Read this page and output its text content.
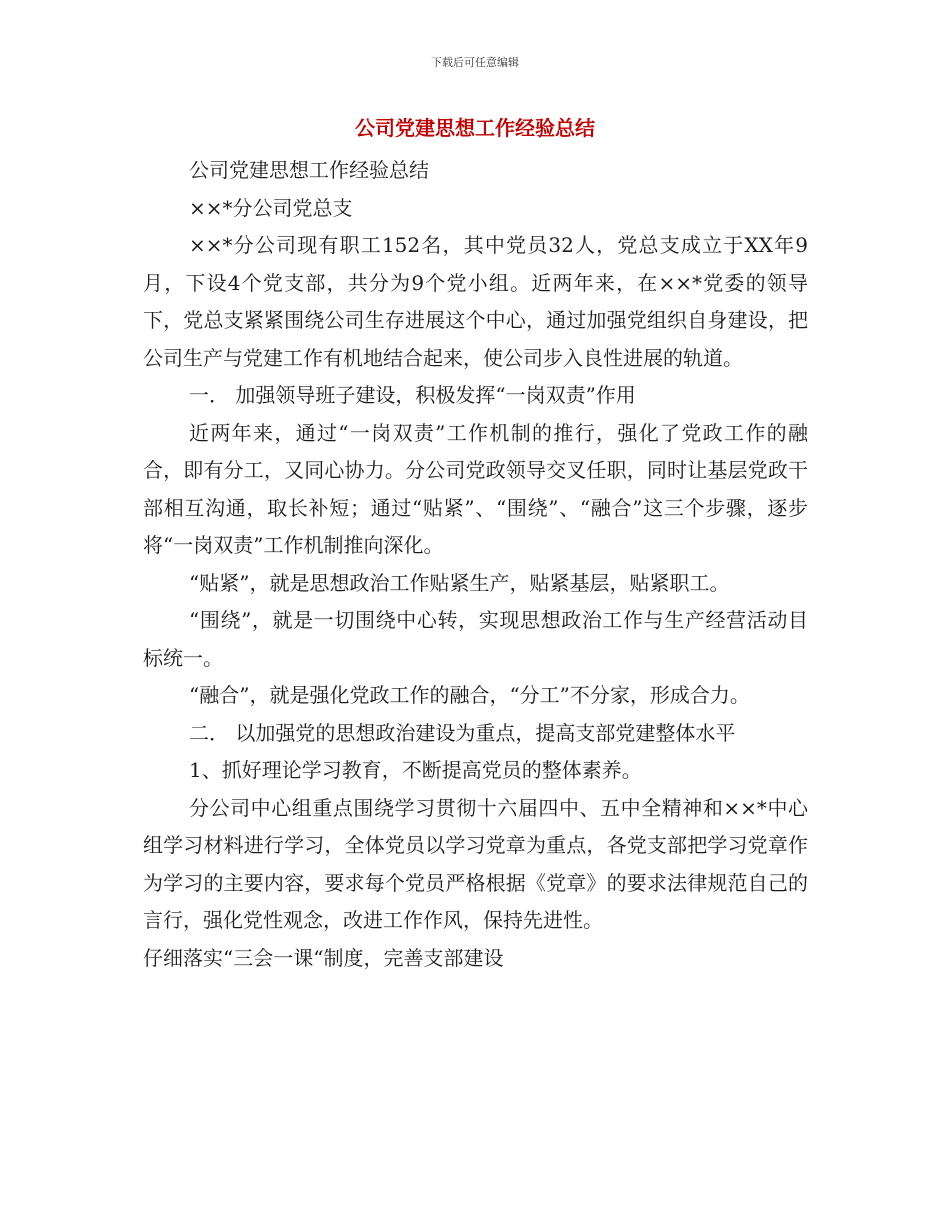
下载后可任意编辑
公司党建思想工作经验总结

公司党建思想工作经验总结

××*分公司党总支

××*分公司现有职工152名，其中党员32人，党总支成立于XX年9月，下设4个党支部，共分为9个党小组。近两年来，在××*党委的领导下，党总支紧紧围绕公司生存进展这个中心，通过加强党组织自身建设，把公司生产与党建工作有机地结合起来，使公司步入良性进展的轨道。

一． 加强领导班子建设，积极发挥“一岗双责”作用

近两年来，通过“一岗双责”工作机制的推行，强化了党政工作的融合，即有分工，又同心协力。分公司党政领导交叉任职，同时让基层党政干部相互沟通，取长补短；通过“贴紧”、“围绕”、“融合”这三个步骤，逐步将“一岗双责”工作机制推向深化。

“贴紧”，就是思想政治工作贴紧生产，贴紧基层，贴紧职工。

“围绕”，就是一切围绕中心转，实现思想政治工作与生产经营活动目标统一。

“融合”，就是强化党政工作的融合，“分工”不分家，形成合力。

二． 以加强党的思想政治建设为重点，提高支部党建整体水平

1、抓好理论学习教育，不断提高党员的整体素养。

分公司中心组重点围绕学习贯彻十六届四中、五中全精神和××*中心组学习材料进行学习，全体党员以学习党章为重点，各党支部把学习党章作为学习的主要内容，要求每个党员严格根据《党章》的要求法律规范自己的言行，强化党性观念，改进工作作风，保持先进性。

仔细落实“三会一课“制度，完善支部建设
